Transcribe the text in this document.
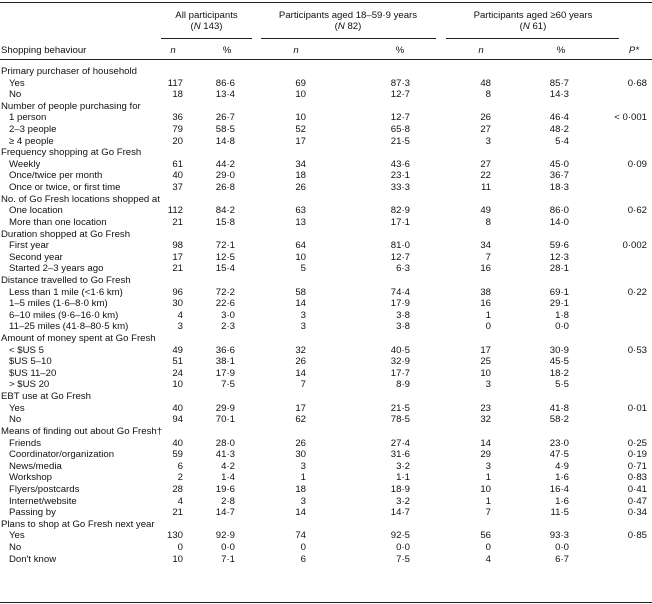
All participants
(N 143)
Participants aged 18–59·9 years
(N 82)
Participants aged ≥60 years
(N 61)
Shopping behaviour	n	%	n	%	n	%	P*
Primary purchaser of household
Yes	117	86·6	69	87·3	48	85·7	0·68
No	18	13·4	10	12·7	8	14·3
Number of people purchasing for
1 person	36	26·7	10	12·7	26	46·4	< 0·001
2–3 people	79	58·5	52	65·8	27	48·2
≥ 4 people	20	14·8	17	21·5	3	5·4
Frequency shopping at Go Fresh
Weekly	61	44·2	34	43·6	27	45·0	0·09
Once/twice per month	40	29·0	18	23·1	22	36·7
Once or twice, or first time	37	26·8	26	33·3	11	18·3
No. of Go Fresh locations shopped at
One location	112	84·2	63	82·9	49	86·0	0·62
More than one location	21	15·8	13	17·1	8	14·0
Duration shopped at Go Fresh
First year	98	72·1	64	81·0	34	59·6	0·002
Second year	17	12·5	10	12·7	7	12·3
Started 2–3 years ago	21	15·4	5	6·3	16	28·1
Distance travelled to Go Fresh
Less than 1 mile (<1·6 km)	96	72·2	58	74·4	38	69·1	0·22
1–5 miles (1·6–8·0 km)	30	22·6	14	17·9	16	29·1
6–10 miles (9·6–16·0 km)	4	3·0	3	3·8	1	1·8
11–25 miles (41·8–80·5 km)	3	2·3	3	3·8	0	0·0
Amount of money spent at Go Fresh
< $US 5	49	36·6	32	40·5	17	30·9	0·53
$US 5–10	51	38·1	26	32·9	25	45·5
$US 11–20	24	17·9	14	17·7	10	18·2
> $US 20	10	7·5	7	8·9	3	5·5
EBT use at Go Fresh
Yes	40	29·9	17	21·5	23	41·8	0·01
No	94	70·1	62	78·5	32	58·2
Means of finding out about Go Fresh†
Friends	40	28·0	26	27·4	14	23·0	0·25
Coordinator/organization	59	41·3	30	31·6	29	47·5	0·19
News/media	6	4·2	3	3·2	3	4·9	0·71
Workshop	2	1·4	1	1·1	1	1·6	0·83
Flyers/postcards	28	19·6	18	18·9	10	16·4	0·41
Internet/website	4	2·8	3	3·2	1	1·6	0·47
Passing by	21	14·7	14	14·7	7	11·5	0·34
Plans to shop at Go Fresh next year
Yes	130	92·9	74	92·5	56	93·3	0·85
No	0	0·0	0	0·0	0	0·0
Don't know	10	7·1	6	7·5	4	6·7
